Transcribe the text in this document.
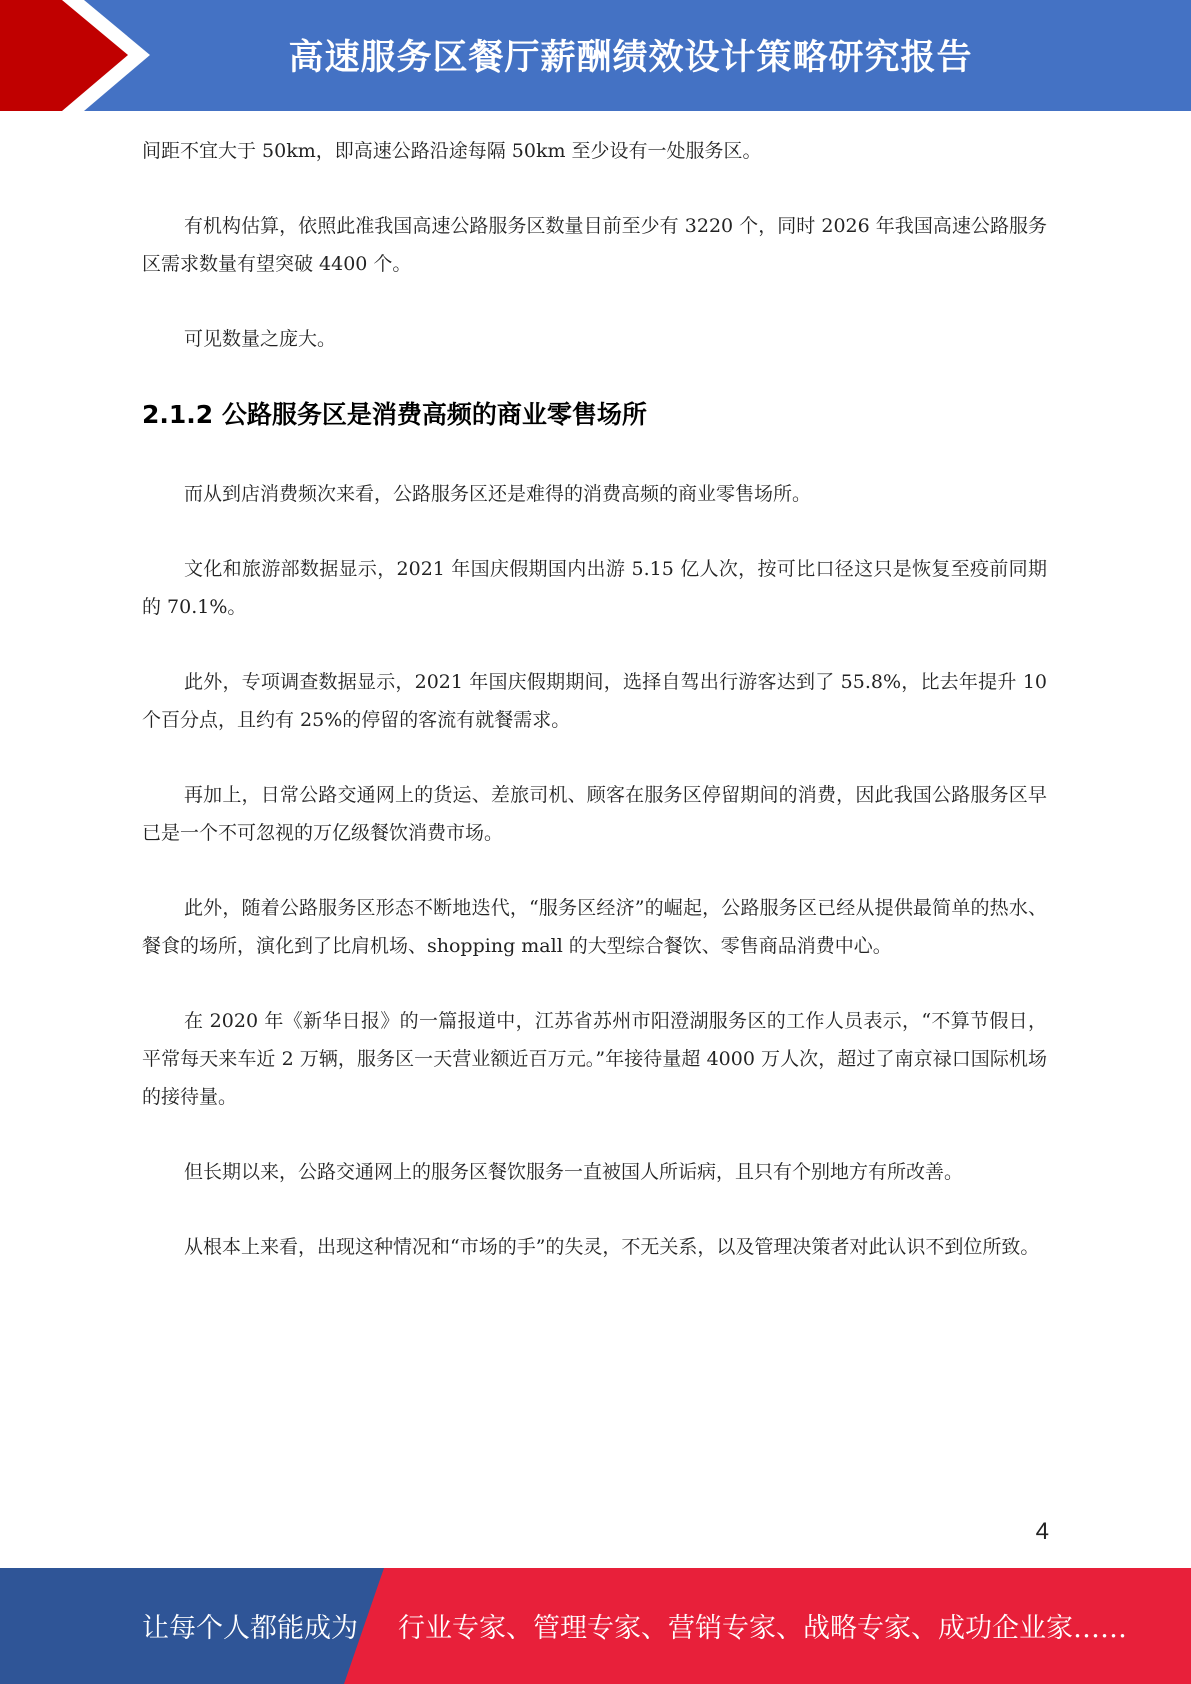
高速服务区餐厅薪酬绩效设计策略研究报告

间距不宜大于 50km，即高速公路沿途每隔 50km 至少设有一处服务区。

有机构估算，依照此准我国高速公路服务区数量目前至少有 3220 个，同时 2026 年我国高速公路服务区需求数量有望突破 4400 个。

可见数量之庞大。

2.1.2 公路服务区是消费高频的商业零售场所

而从到店消费频次来看，公路服务区还是难得的消费高频的商业零售场所。

文化和旅游部数据显示，2021 年国庆假期国内出游 5.15 亿人次，按可比口径这只是恢复至疫前同期的 70.1%。

此外，专项调查数据显示，2021 年国庆假期期间，选择自驾出行游客达到了 55.8%，比去年提升 10 个百分点，且约有 25%的停留的客流有就餐需求。

再加上，日常公路交通网上的货运、差旅司机、顾客在服务区停留期间的消费，因此我国公路服务区早已是一个不可忽视的万亿级餐饮消费市场。

此外，随着公路服务区形态不断地迭代，“服务区经济”的崛起，公路服务区已经从提供最简单的热水、餐食的场所，演化到了比肩机场、shopping mall 的大型综合餐饮、零售商品消费中心。

在 2020 年《新华日报》的一篇报道中，江苏省苏州市阳澄湖服务区的工作人员表示，“不算节假日，平常每天来车近 2 万辆，服务区一天营业额近百万元。”年接待量超 4000 万人次，超过了南京禄口国际机场的接待量。

但长期以来，公路交通网上的服务区餐饮服务一直被国人所诟病，且只有个别地方有所改善。

从根本上来看，出现这种情况和“市场的手”的失灵，不无关系，以及管理决策者对此认识不到位所致。

4
让每个人都能成为 行业专家、管理专家、营销专家、战略专家、成功企业家……
